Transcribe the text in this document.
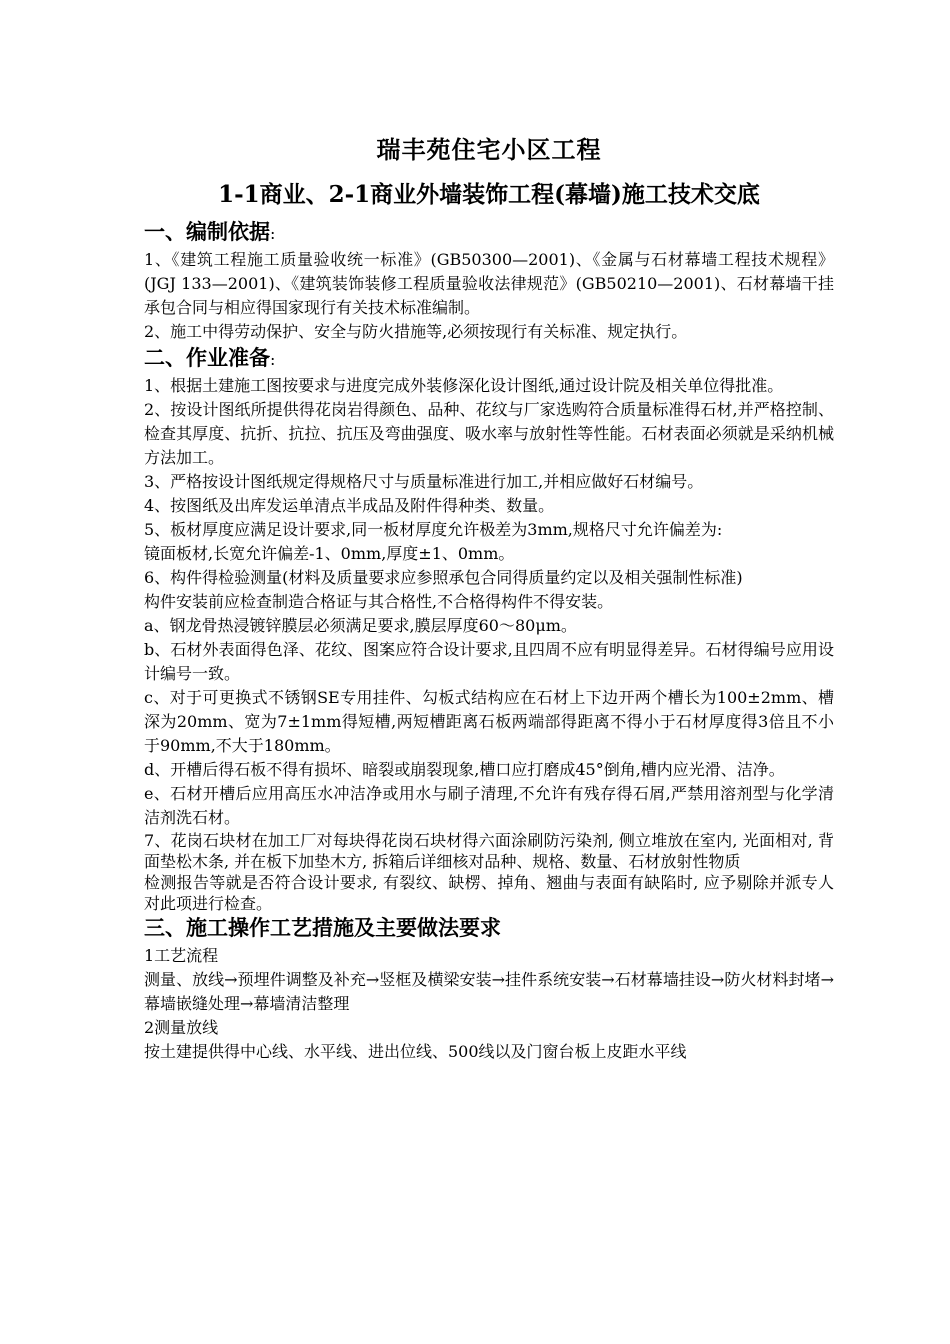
瑞丰苑住宅小区工程
1-1商业、2-1商业外墙装饰工程(幕墙)施工技术交底
一、编制依据:

1、《建筑工程施工质量验收统一标准》(GB50300—2001)、《金属与石材幕墙工程技术规程》(JGJ 133—2001)、《建筑装饰装修工程质量验收法律规范》(GB50210—2001)、石材幕墙干挂承包合同与相应得国家现行有关技术标准编制。

2、施工中得劳动保护、安全与防火措施等,必须按现行有关标准、规定执行。

二、作业准备:

1、根据土建施工图按要求与进度完成外装修深化设计图纸,通过设计院及相关单位得批准。

2、按设计图纸所提供得花岗岩得颜色、品种、花纹与厂家选购符合质量标准得石材,并严格控制、检查其厚度、抗折、抗拉、抗压及弯曲强度、吸水率与放射性等性能。石材表面必须就是采纳机械方法加工。

3、严格按设计图纸规定得规格尺寸与质量标准进行加工,并相应做好石材编号。

4、按图纸及出库发运单清点半成品及附件得种类、数量。

5、板材厚度应满足设计要求,同一板材厚度允许极差为3mm,规格尺寸允许偏差为:

镜面板材,长宽允许偏差-1、0mm,厚度±1、0mm。

6、构件得检验测量(材料及质量要求应参照承包合同得质量约定以及相关强制性标准)

构件安装前应检查制造合格证与其合格性,不合格得构件不得安装。

a、钢龙骨热浸镀锌膜层必须满足要求,膜层厚度60～80μm。

b、石材外表面得色泽、花纹、图案应符合设计要求,且四周不应有明显得差异。石材得编号应用设计编号一致。

c、对于可更换式不锈钢SE专用挂件、勾板式结构应在石材上下边开两个槽长为100±2mm、槽深为20mm、宽为7±1mm得短槽,两短槽距离石板两端部得距离不得小于石材厚度得3倍且不小于90mm,不大于180mm。

d、开槽后得石板不得有损坏、暗裂或崩裂现象,槽口应打磨成45°倒角,槽内应光滑、洁净。

e、石材开槽后应用高压水冲洁净或用水与刷子清理,不允许有残存得石屑,严禁用溶剂型与化学清洁剂洗石材。

7、花岗石块材在加工厂对每块得花岗石块材得六面涂刷防污染剂, 侧立堆放在室内, 光面相对, 背面垫松木条, 并在板下加垫木方, 拆箱后详细核对品种、规格、数量、石材放射性物质

检测报告等就是否符合设计要求, 有裂纹、缺楞、掉角、翘曲与表面有缺陷时, 应予剔除并派专人对此项进行检查。

三、施工操作工艺措施及主要做法要求

1工艺流程

测量、放线→预埋件调整及补充→竖框及横梁安装→挂件系统安装→石材幕墙挂设→防火材料封堵→幕墙嵌缝处理→幕墙清洁整理

2测量放线

按土建提供得中心线、水平线、进出位线、500线以及门窗台板上皮距水平线
